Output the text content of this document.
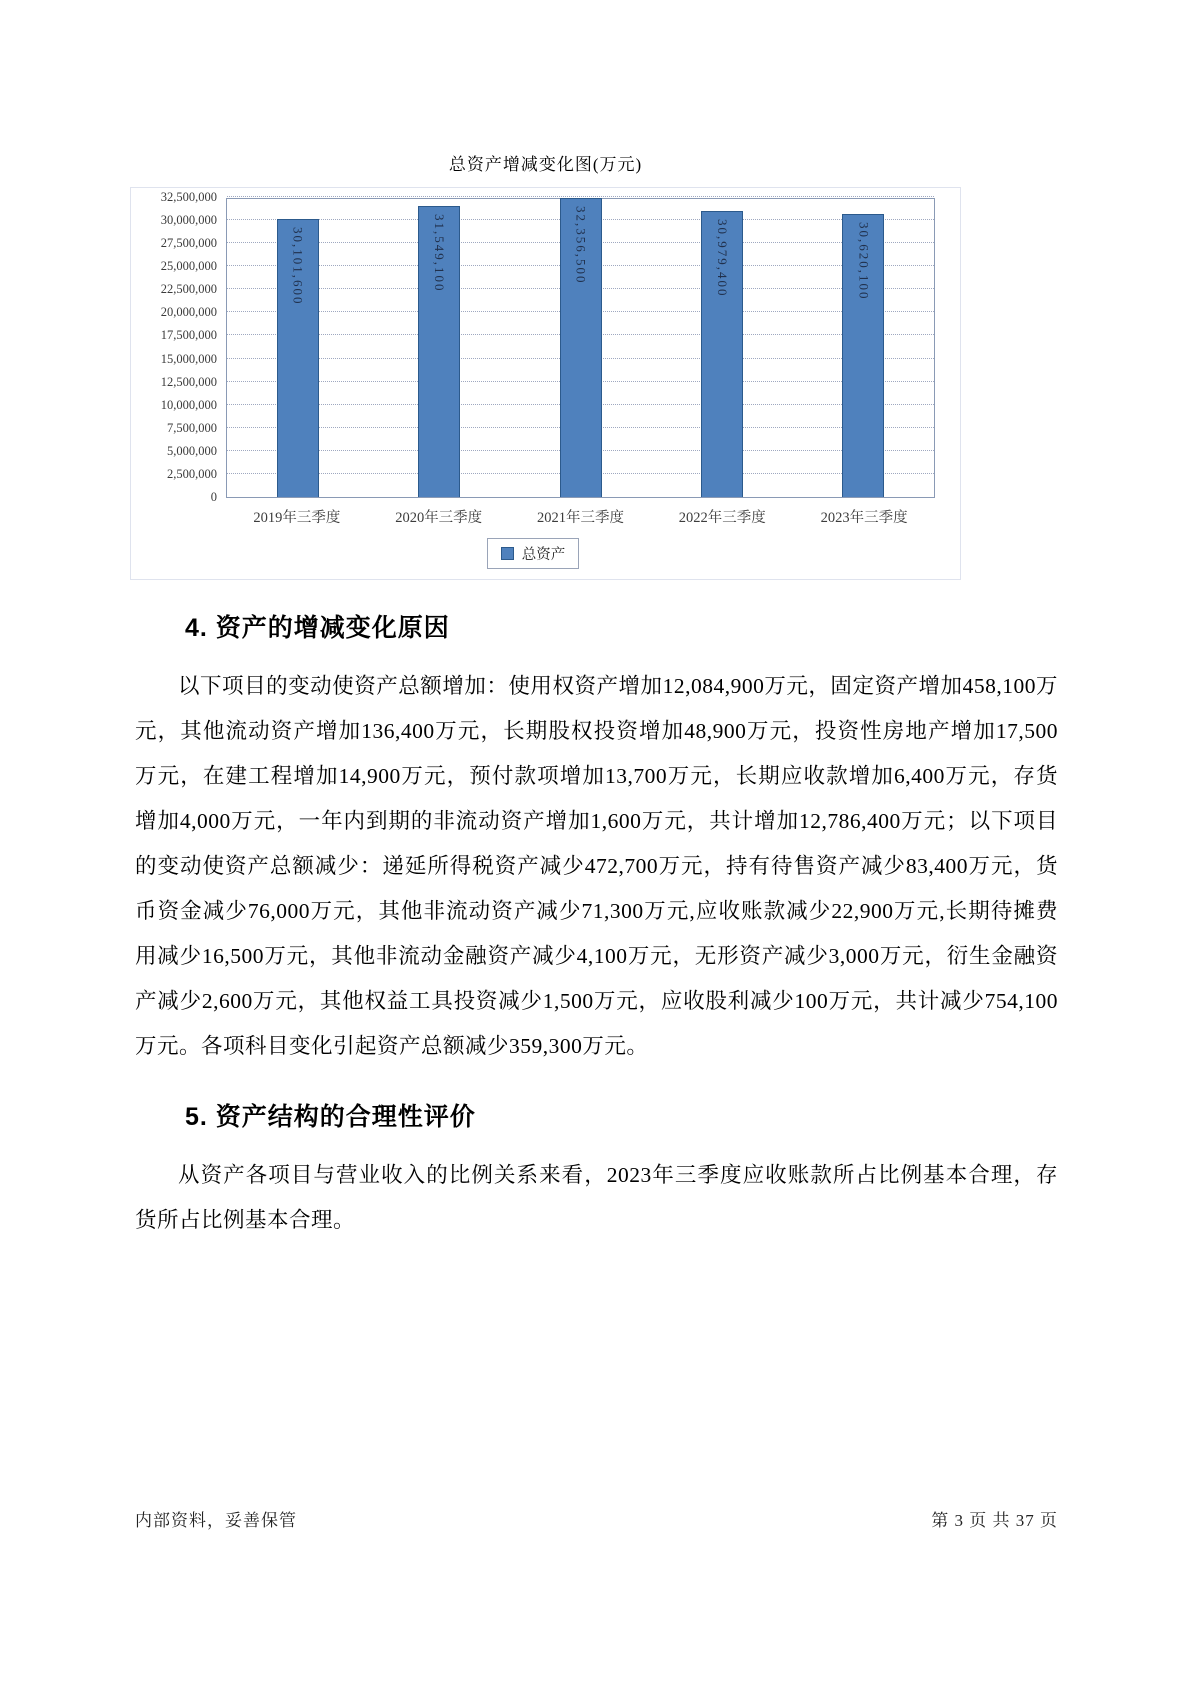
总资产增减变化图(万元)
32,500,000
30,000,000
27,500,000
25,000,000
22,500,000
20,000,000
17,500,000
15,000,000
12,500,000
10,000,000
7,500,000
5,000,000
2,500,000
0
30,101,600	31,549,100	32,356,500	30,979,400	30,620,100
2019年三季度	2020年三季度	2021年三季度	2022年三季度	2023年三季度
总资产
4. 资产的增减变化原因

以下项目的变动使资产总额增加：使用权资产增加12,084,900万元，固定资产增加458,100万元，其他流动资产增加136,400万元，长期股权投资增加48,900万元，投资性房地产增加17,500万元，在建工程增加14,900万元，预付款项增加13,700万元，长期应收款增加6,400万元，存货增加4,000万元，一年内到期的非流动资产增加1,600万元，共计增加12,786,400万元；以下项目的变动使资产总额减少：递延所得税资产减少472,700万元，持有待售资产减少83,400万元，货币资金减少76,000万元，其他非流动资产减少71,300万元,应收账款减少22,900万元,长期待摊费用减少16,500万元，其他非流动金融资产减少4,100万元，无形资产减少3,000万元，衍生金融资产减少2,600万元，其他权益工具投资减少1,500万元，应收股利减少100万元，共计减少754,100万元。各项科目变化引起资产总额减少359,300万元。

5. 资产结构的合理性评价

从资产各项目与营业收入的比例关系来看，2023年三季度应收账款所占比例基本合理，存货所占比例基本合理。

内部资料，妥善保管	第 3 页 共 37 页
